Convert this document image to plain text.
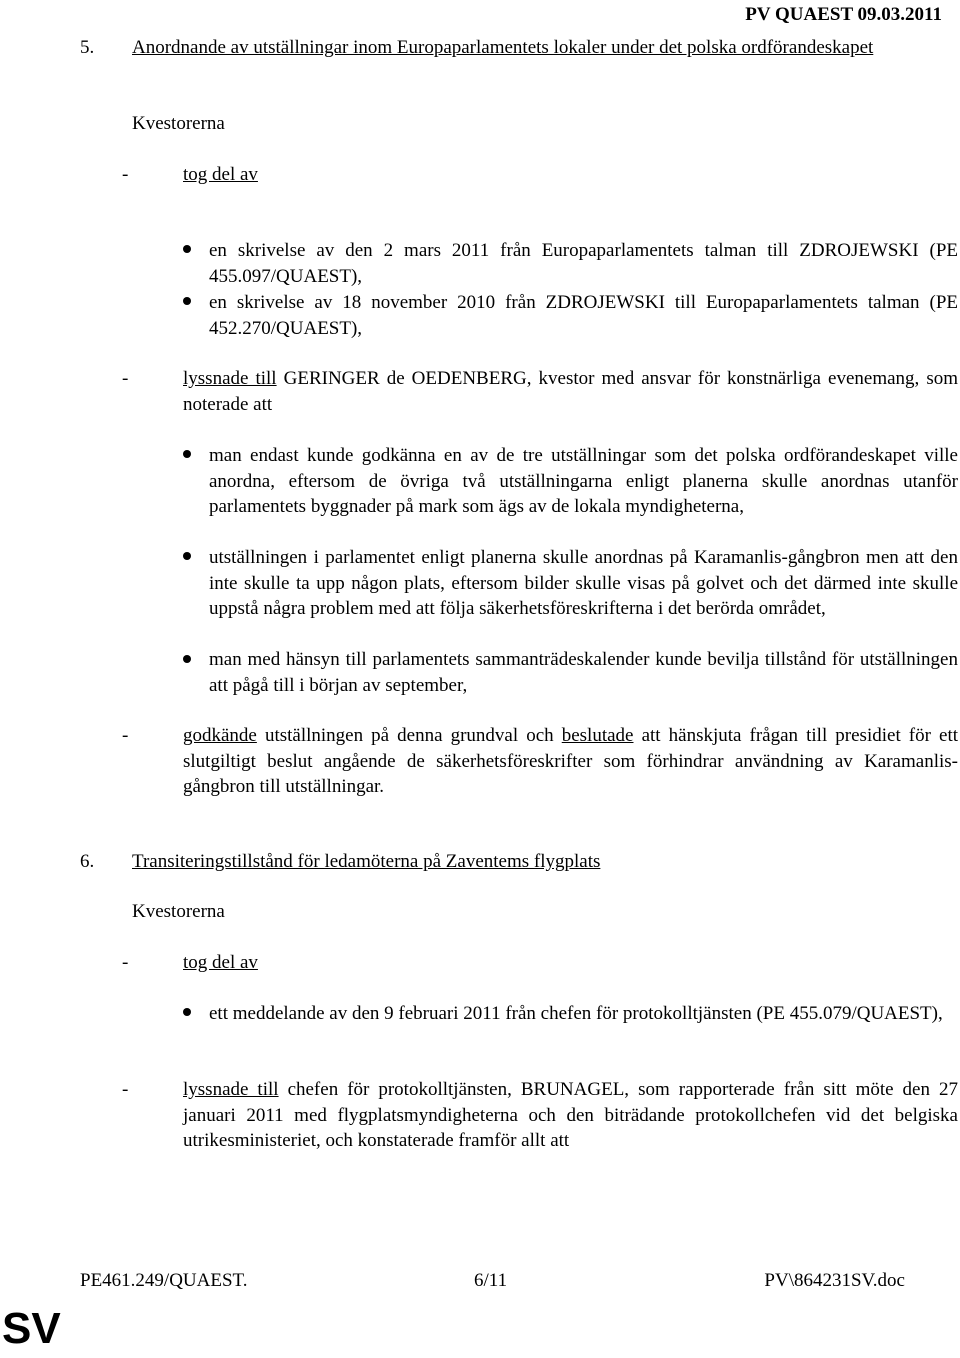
PV QUAEST 09.03.2011
5. Anordnande av utställningar inom Europaparlamentets lokaler under det polska ordförandeskapet
Kvestorerna
-	tog del av
en skrivelse av den 2 mars 2011 från Europaparlamentets talman till ZDROJEWSKI (PE 455.097/QUAEST),
en skrivelse av 18 november 2010 från ZDROJEWSKI till Europaparlamentets talman (PE 452.270/QUAEST),
-	lyssnade till GERINGER de OEDENBERG, kvestor med ansvar för konstnärliga evenemang, som noterade att
man endast kunde godkänna en av de tre utställningar som det polska ordförandeskapet ville anordna, eftersom de övriga två utställningarna enligt planerna skulle anordnas utanför parlamentets byggnader på mark som ägs av de lokala myndigheterna,
utställningen i parlamentet enligt planerna skulle anordnas på Karamanlis-gångbron men att den inte skulle ta upp någon plats, eftersom bilder skulle visas på golvet och det därmed inte skulle uppstå några problem med att följa säkerhetsföreskrifterna i det berörda området,
man med hänsyn till parlamentets sammanträdeskalender kunde bevilja tillstånd för utställningen att pågå till i början av september,
-	godkände utställningen på denna grundval och beslutade att hänskjuta frågan till presidiet för ett slutgiltigt beslut angående de säkerhetsföreskrifter som förhindrar användning av Karamanlis-gångbron till utställningar.
6. Transiteringstillstånd för ledamöterna på Zaventems flygplats
Kvestorerna
-	tog del av
ett meddelande av den 9 februari 2011 från chefen för protokolltjänsten (PE 455.079/QUAEST),
-	lyssnade till chefen för protokolltjänsten, BRUNAGEL, som rapporterade från sitt möte den 27 januari 2011 med flygplatsmyndigheterna och den biträdande protokollchefen vid det belgiska utrikesministeriet, och konstaterade framför allt att
PE461.249/QUAEST.	6/11	PV\864231SV.doc
SV
